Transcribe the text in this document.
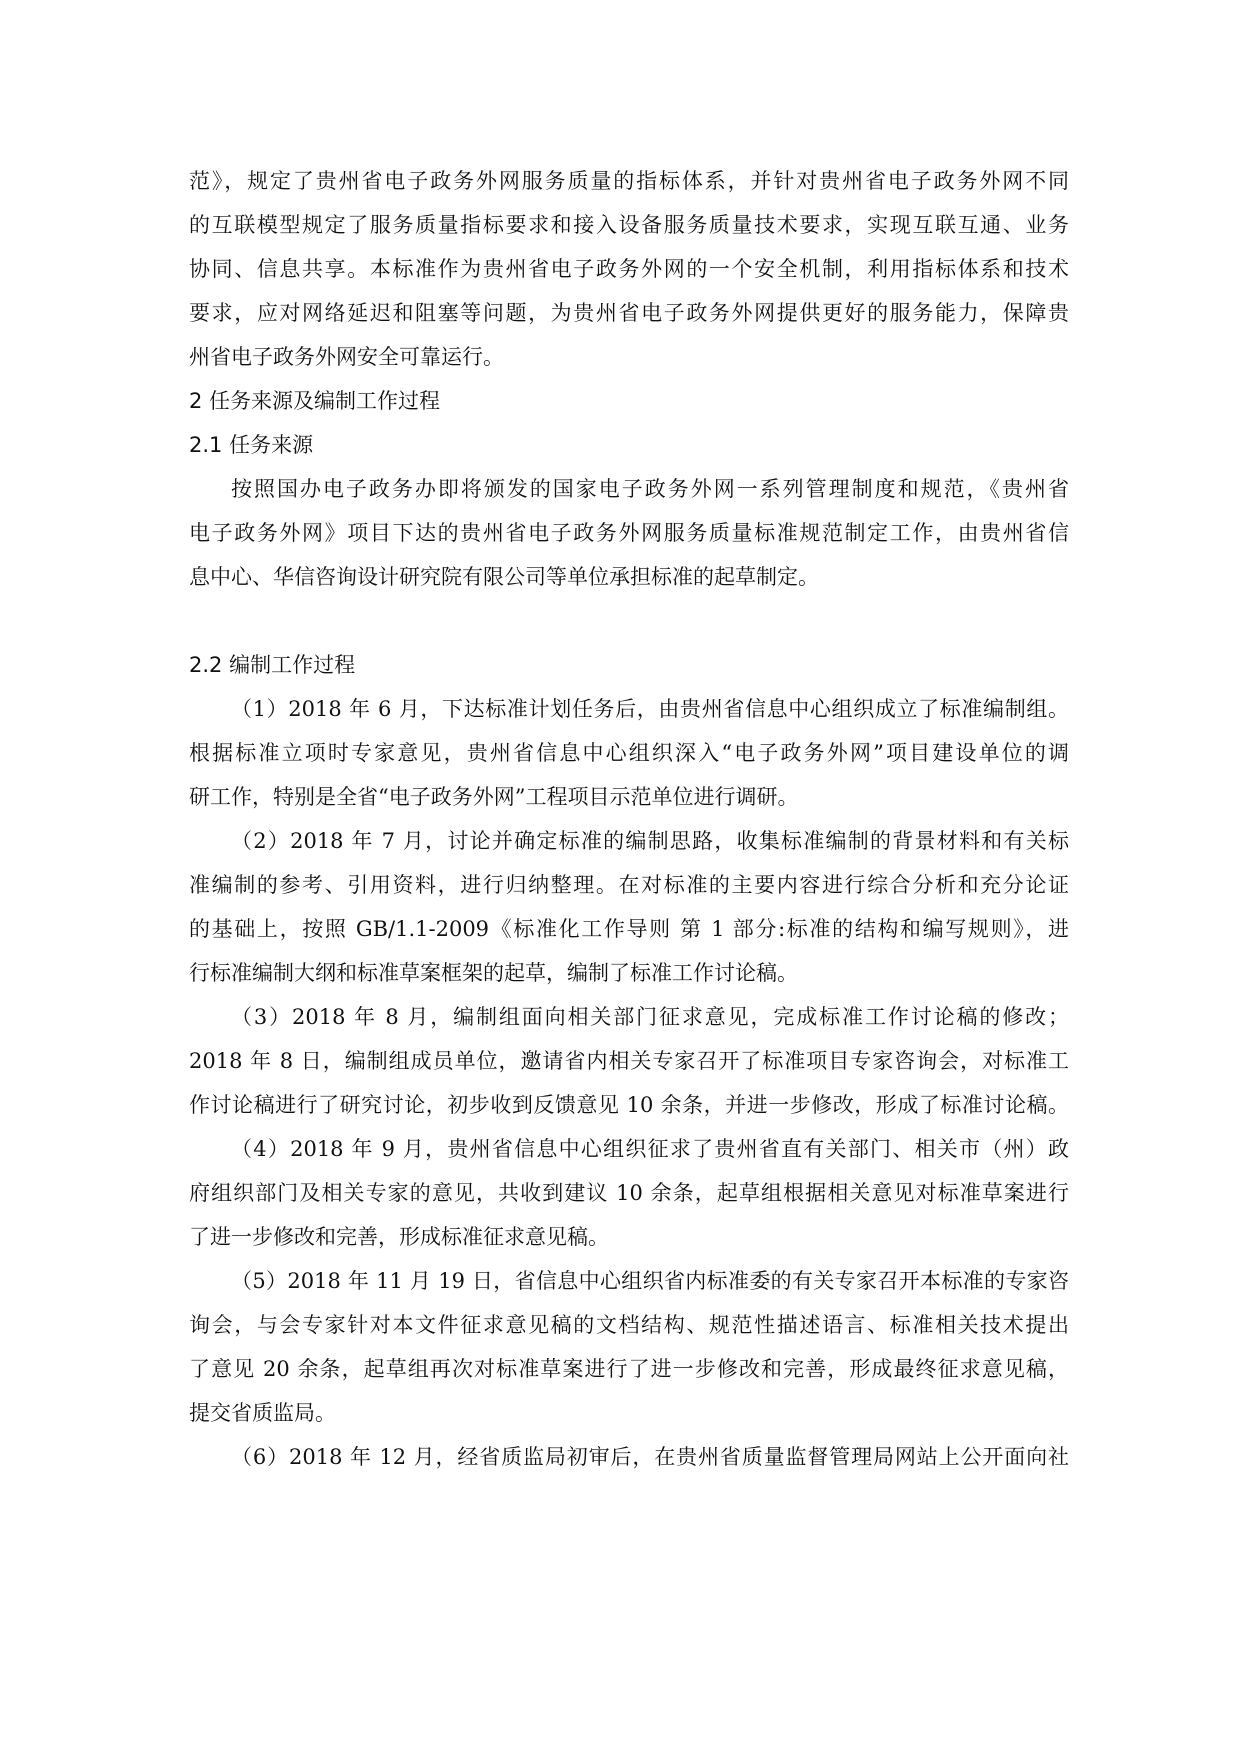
范》，规定了贵州省电子政务外网服务质量的指标体系，并针对贵州省电子政务外网不同
的互联模型规定了服务质量指标要求和接入设备服务质量技术要求，实现互联互通、业务
协同、信息共享。本标准作为贵州省电子政务外网的一个安全机制，利用指标体系和技术
要求，应对网络延迟和阻塞等问题，为贵州省电子政务外网提供更好的服务能力，保障贵
州省电子政务外网安全可靠运行。
2 任务来源及编制工作过程
2.1 任务来源
按照国办电子政务办即将颁发的国家电子政务外网一系列管理制度和规范，《贵州省
电子政务外网》项目下达的贵州省电子政务外网服务质量标准规范制定工作，由贵州省信
息中心、华信咨询设计研究院有限公司等单位承担标准的起草制定。
2.2 编制工作过程
（1）2018 年 6 月，下达标准计划任务后，由贵州省信息中心组织成立了标准编制组。
根据标准立项时专家意见，贵州省信息中心组织深入“电子政务外网”项目建设单位的调
研工作，特别是全省“电子政务外网”工程项目示范单位进行调研。
（2）2018 年 7 月，讨论并确定标准的编制思路，收集标准编制的背景材料和有关标
准编制的参考、引用资料，进行归纳整理。在对标准的主要内容进行综合分析和充分论证
的基础上，按照 GB/1.1-2009《标准化工作导则 第 1 部分:标准的结构和编写规则》，进
行标准编制大纲和标准草案框架的起草，编制了标准工作讨论稿。
（3）2018 年 8 月，编制组面向相关部门征求意见，完成标准工作讨论稿的修改；
2018 年 8 日，编制组成员单位，邀请省内相关专家召开了标准项目专家咨询会，对标准工
作讨论稿进行了研究讨论，初步收到反馈意见 10 余条，并进一步修改，形成了标准讨论稿。
（4）2018 年 9 月，贵州省信息中心组织征求了贵州省直有关部门、相关市（州）政
府组织部门及相关专家的意见，共收到建议 10 余条，起草组根据相关意见对标准草案进行
了进一步修改和完善，形成标准征求意见稿。
（5）2018 年 11 月 19 日，省信息中心组织省内标准委的有关专家召开本标准的专家咨
询会，与会专家针对本文件征求意见稿的文档结构、规范性描述语言、标准相关技术提出
了意见 20 余条，起草组再次对标准草案进行了进一步修改和完善，形成最终征求意见稿，
提交省质监局。
（6）2018 年 12 月，经省质监局初审后，在贵州省质量监督管理局网站上公开面向社
